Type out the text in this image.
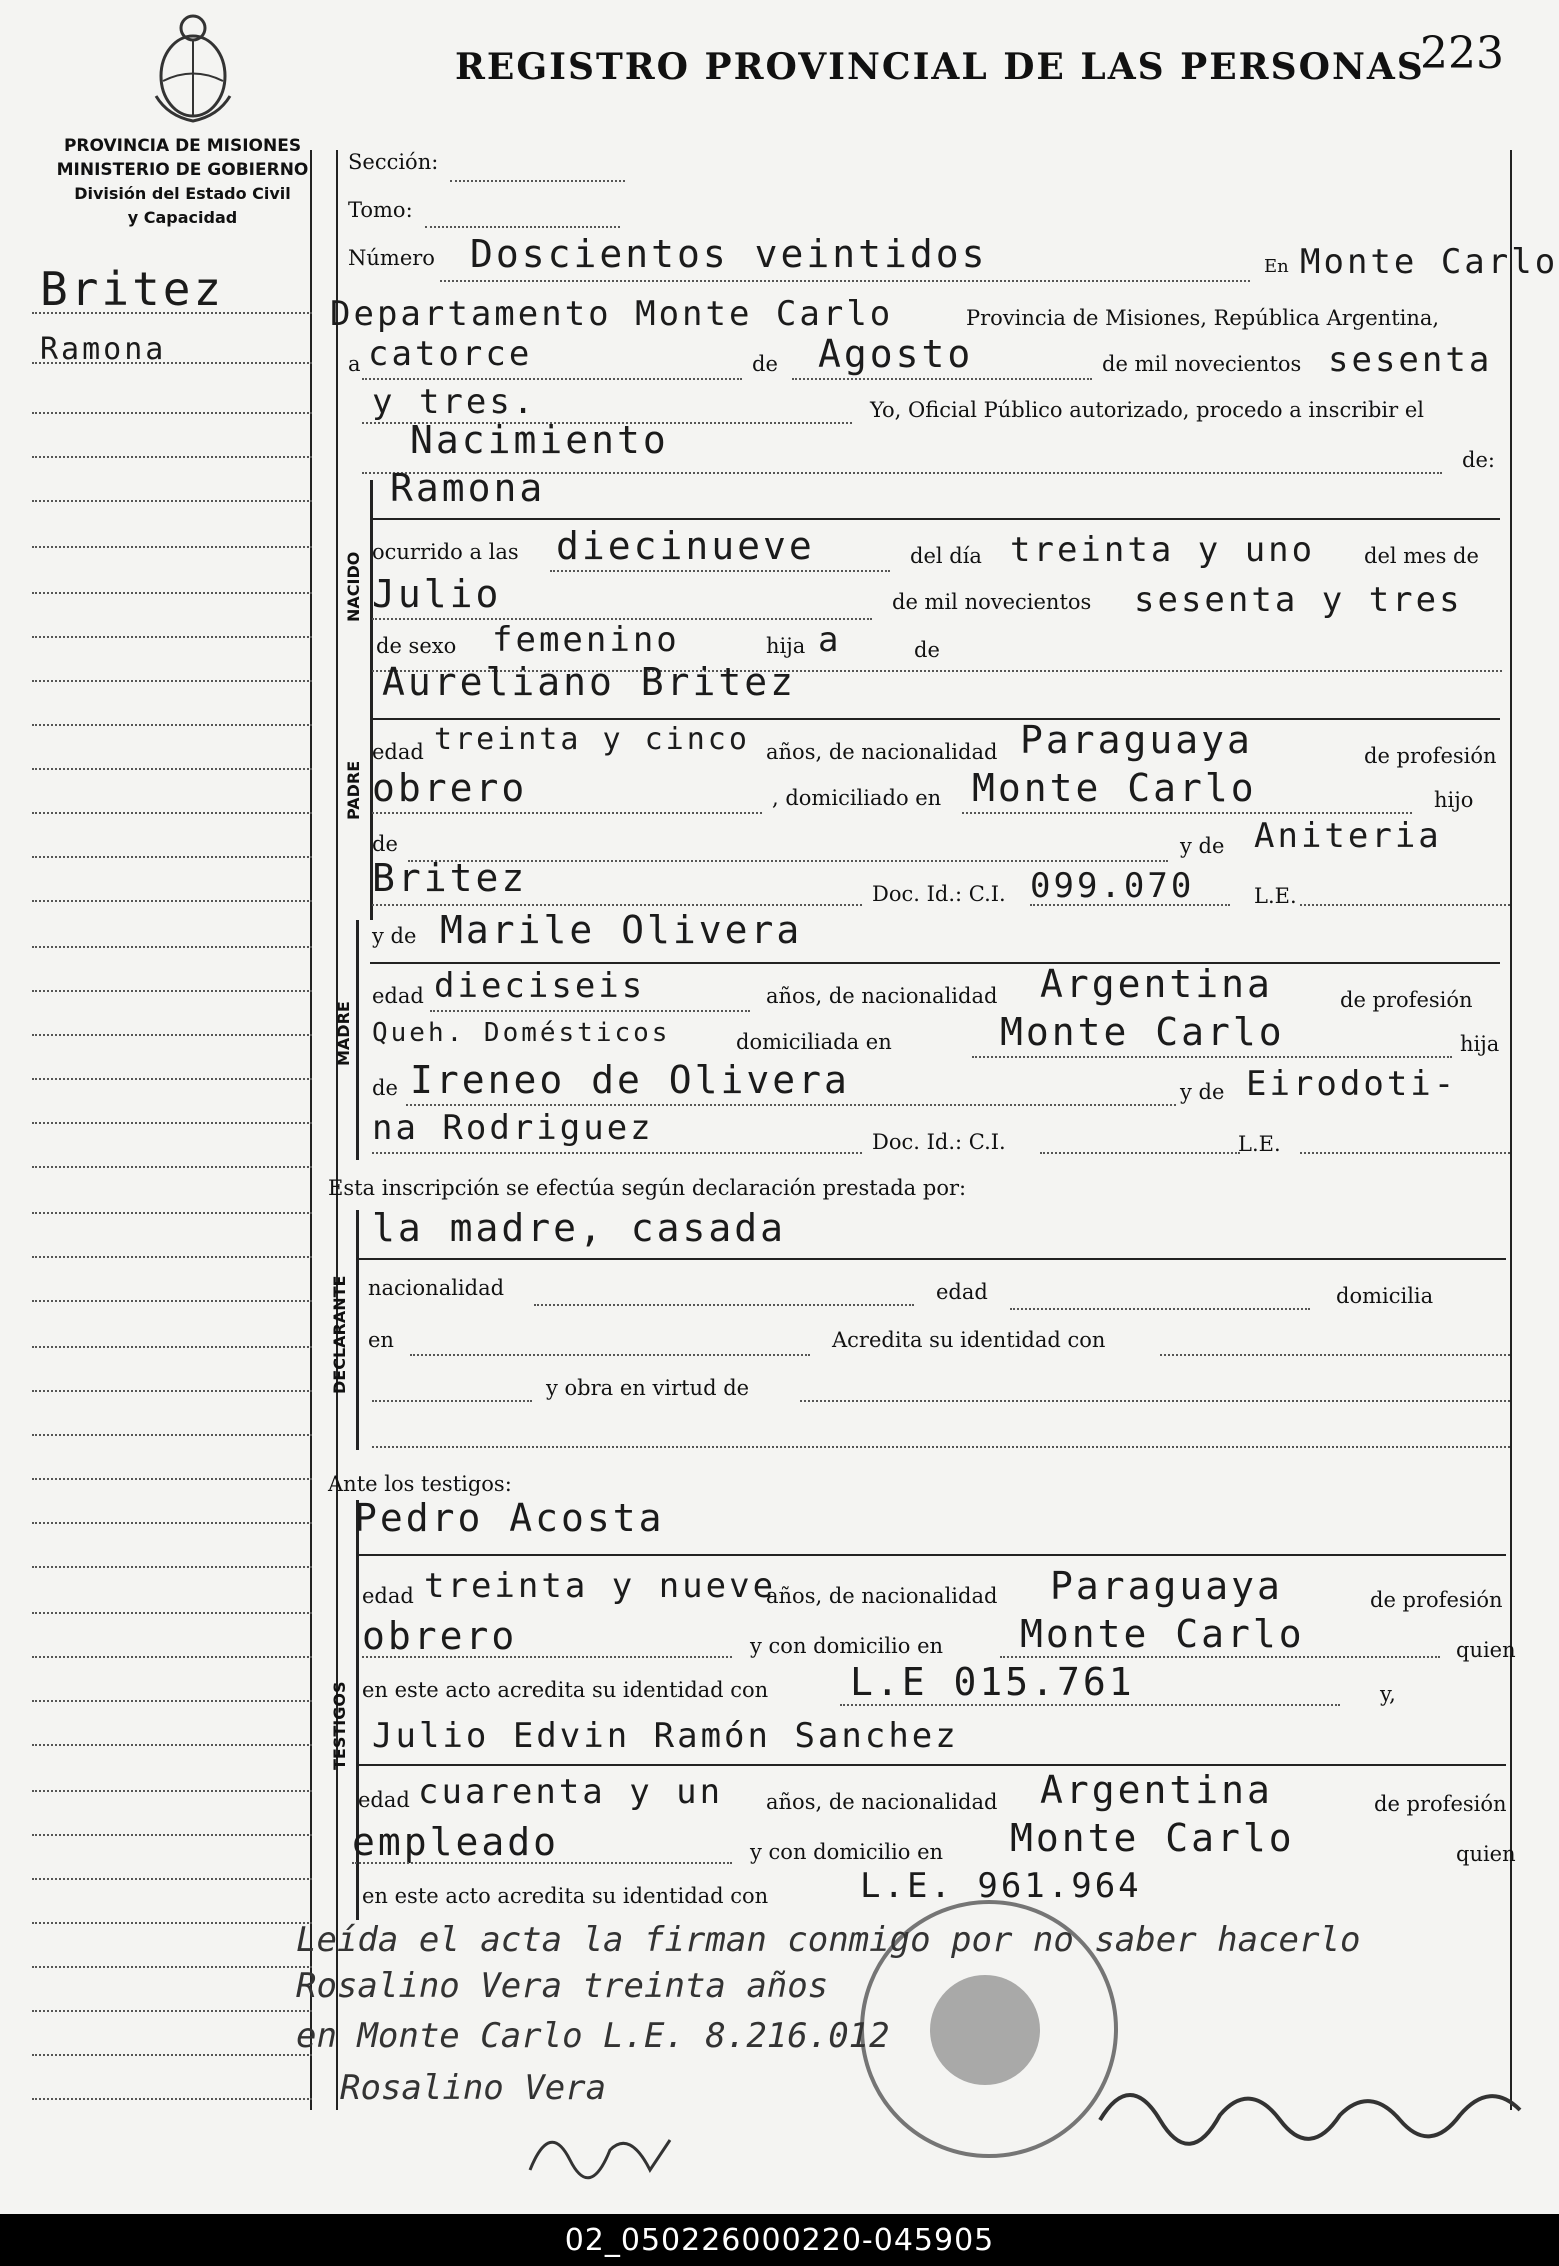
REGISTRO PROVINCIAL DE LAS PERSONAS
223
PROVINCIA DE MISIONES
MINISTERIO DE GOBIERNO
División del Estado Civil
y Capacidad
Britez
Ramona
Sección:
Tomo:
Número Doscientos veintidos	En Monte Carlo
Departamento Monte Carlo	Provincia de Misiones, República Argentina,
a catorce	de Agosto	de mil novecientos sesenta
y tres.	Yo, Oficial Público autorizado, procedo a inscribir el
Nacimiento	de:
NACIDO
Ramona
ocurrido a las diecinueve	del día treinta y uno del mes de
Julio	de mil novecientos sesenta y tres
de sexo femenino	hija a	de
PADRE
Aureliano Britez
edad treinta y cinco años, de nacionalidad Paraguaya	de profesión
obrero	, domiciliado en Monte Carlo	hijo
de	y de Aniteria
Britez	Doc. Id.: C.I. 099.070	L.E.
MADRE
y de Marile Olivera
edad dieciseis	años, de nacionalidad Argentina	de profesión
Queh. Domésticos	domiciliada en	Monte Carlo	hija
de Ireneo de Olivera	y de Eirodoti-
na Rodriguez	Doc. Id.: C.I.	L.E.
Esta inscripción se efectúa según declaración prestada por:
DECLARANTE
la madre, casada
nacionalidad	edad	domicilia
en	Acredita su identidad con
y obra en virtud de
Ante los testigos:
TESTIGOS
Pedro Acosta
edad treinta y nueve
años, de nacionalidad Paraguaya	de profesión
obrero	y con domicilio en Monte Carlo	quien
en este acto acredita su identidad con L.E 015.761	y,
Julio Edvin Ramón Sanchez
edad cuarenta y un años, de nacionalidad Argentina	de profesión
empleado	y con domicilio en Monte Carlo	quien
en este acto acredita su identidad con	L.E. 961.964
Leída el acta la firman conmigo por no saber hacerlo
Rosalino Vera treinta años
en Monte Carlo L.E. 8.216.012
Rosalino Vera
02_050226000220-045905
